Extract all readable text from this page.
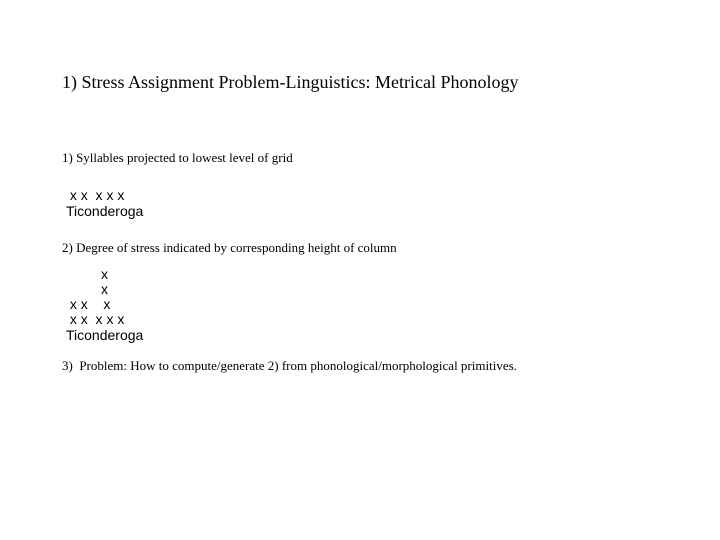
1) Stress Assignment Problem-Linguistics: Metrical Phonology

1) Syllables projected to lowest level of grid

x x  x x x
Ticonderoga

2) Degree of stress indicated by corresponding height of column

x
x
x x    x
x x  x x x
Ticonderoga

3)  Problem: How to compute/generate 2) from phonological/morphological primitives.
